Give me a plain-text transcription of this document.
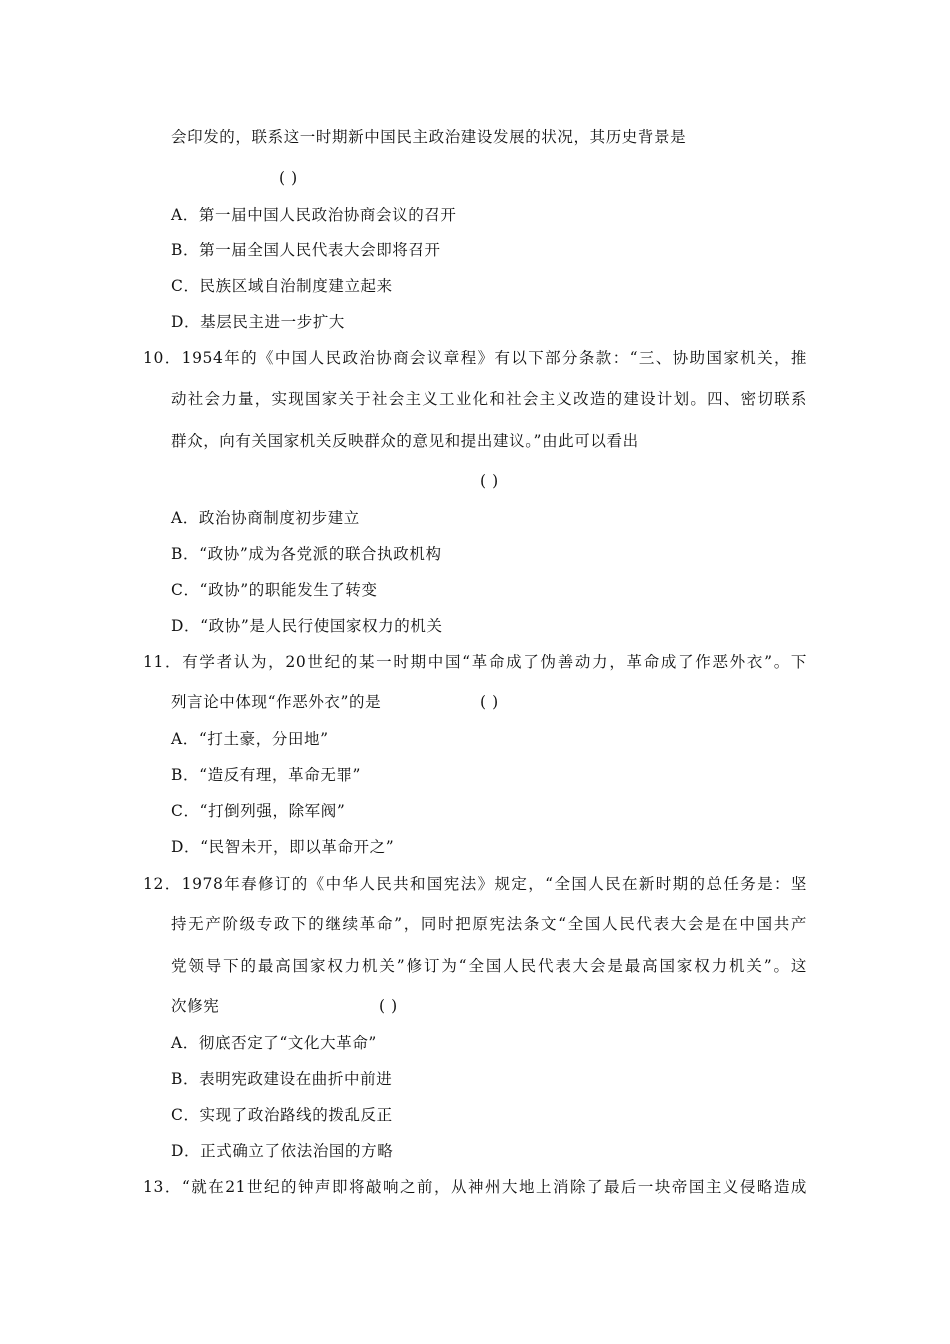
会印发的，联系这一时期新中国民主政治建设发展的状况，其历史背景是
( )
A．第一届中国人民政治协商会议的召开
B．第一届全国人民代表大会即将召开
C．民族区域自治制度建立起来
D．基层民主进一步扩大
10．1954年的《中国人民政治协商会议章程》有以下部分条款：“三、协助国家机关，推
动社会力量，实现国家关于社会主义工业化和社会主义改造的建设计划。四、密切联系
群众，向有关国家机关反映群众的意见和提出建议。”由此可以看出
( )
A．政治协商制度初步建立
B．“政协”成为各党派的联合执政机构
C．“政协”的职能发生了转变
D．“政协”是人民行使国家权力的机关
11．有学者认为，20世纪的某一时期中国“革命成了伪善动力，革命成了作恶外衣”。下
列言论中体现“作恶外衣”的是	( )
A．“打土豪，分田地”
B．“造反有理，革命无罪”
C．“打倒列强，除军阀”
D．“民智未开，即以革命开之”
12．1978年春修订的《中华人民共和国宪法》规定，“全国人民在新时期的总任务是：坚
持无产阶级专政下的继续革命”，同时把原宪法条文“全国人民代表大会是在中国共产
党领导下的最高国家权力机关”修订为“全国人民代表大会是最高国家权力机关”。这
次修宪	( )
A．彻底否定了“文化大革命”
B．表明宪政建设在曲折中前进
C．实现了政治路线的拨乱反正
D．正式确立了依法治国的方略
13．“就在21世纪的钟声即将敲响之前，从神州大地上消除了最后一块帝国主义侵略造成
